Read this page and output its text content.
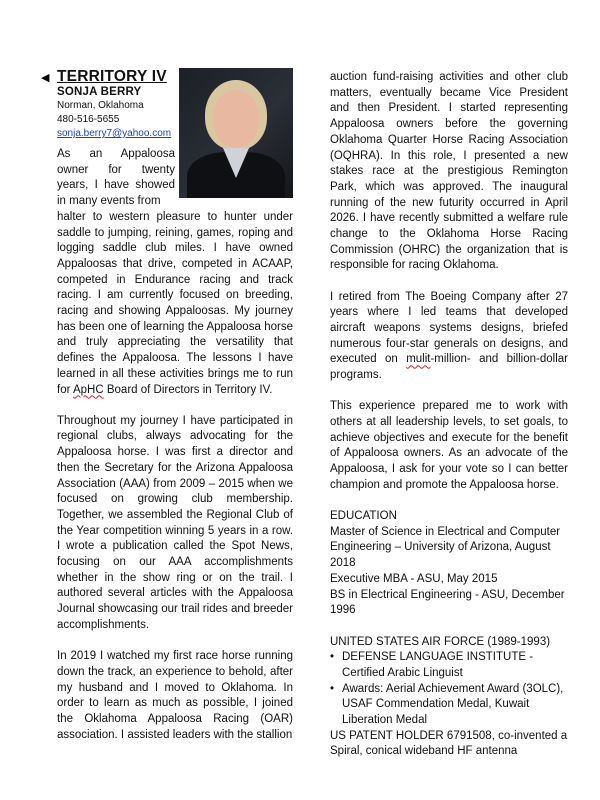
◀ TERRITORY IV
SONJA BERRY
Norman, Oklahoma
480-516-5655
sonja.berry7@yahoo.com

As an Appaloosa owner for twenty years, I have showed in many events from

halter to western pleasure to hunter under saddle to jumping, reining, games, roping and logging saddle club miles. I have owned Appaloosas that drive, competed in ACAAP, competed in Endurance racing and track racing. I am currently focused on breeding, racing and showing Appaloosas. My journey has been one of learning the Appaloosa horse and truly appreciating the versatility that defines the Appaloosa. The lessons I have learned in all these activities brings me to run for ApHC Board of Directors in Territory IV.

Throughout my journey I have participated in regional clubs, always advocating for the Appaloosa horse. I was first a director and then the Secretary for the Arizona Appaloosa Association (AAA) from 2009 – 2015 when we focused on growing club membership. Together, we assembled the Regional Club of the Year competition winning 5 years in a row. I wrote a publication called the Spot News, focusing on our AAA accomplishments whether in the show ring or on the trail. I authored several articles with the Appaloosa Journal showcasing our trail rides and breeder accomplishments.

In 2019 I watched my first race horse running down the track, an experience to behold, after my husband and I moved to Oklahoma. In order to learn as much as possible, I joined the Oklahoma Appaloosa Racing (OAR) association. I assisted leaders with the stallion

auction fund-raising activities and other club matters, eventually became Vice President and then President. I started representing Appaloosa owners before the governing Oklahoma Quarter Horse Racing Association (OQHRA). In this role, I presented a new stakes race at the prestigious Remington Park, which was approved. The inaugural running of the new futurity occurred in April 2026. I have recently submitted a welfare rule change to the Oklahoma Horse Racing Commission (OHRC) the organization that is responsible for racing Oklahoma.

I retired from The Boeing Company after 27 years where I led teams that developed aircraft weapons systems designs, briefed numerous four-star generals on designs, and executed on mulit-million- and billion-dollar programs.

This experience prepared me to work with others at all leadership levels, to set goals, to achieve objectives and execute for the benefit of Appaloosa owners. As an advocate of the Appaloosa, I ask for your vote so I can better champion and promote the Appaloosa horse.

EDUCATION

Master of Science in Electrical and Computer Engineering – University of Arizona, August 2018

Executive MBA - ASU, May 2015

BS in Electrical Engineering - ASU, December 1996

UNITED STATES AIR FORCE (1989-1993)

• DEFENSE LANGUAGE INSTITUTE - Certified Arabic Linguist
• Awards: Aerial Achievement Award (3OLC), USAF Commendation Medal, Kuwait Liberation Medal

US PATENT HOLDER 6791508, co-invented a Spiral, conical wideband HF antenna
